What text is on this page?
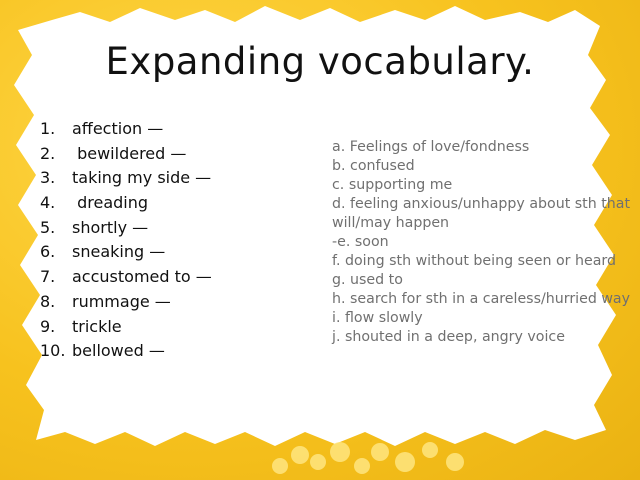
Expanding vocabulary.
1. affection —
2. bewildered —
3. taking my side —
4. dreading
5. shortly —
6. sneaking —
7. accustomed to —
8. rummage —
9. trickle
10. bellowed —
a. Feelings of love/fondness
b. confused
c. supporting me
d. feeling anxious/unhappy about sth that will/may happen
-e. soon
f. doing sth without being seen or heard
g. used to
h. search for sth in a careless/hurried way
i. flow slowly
j. shouted in a deep, angry voice
